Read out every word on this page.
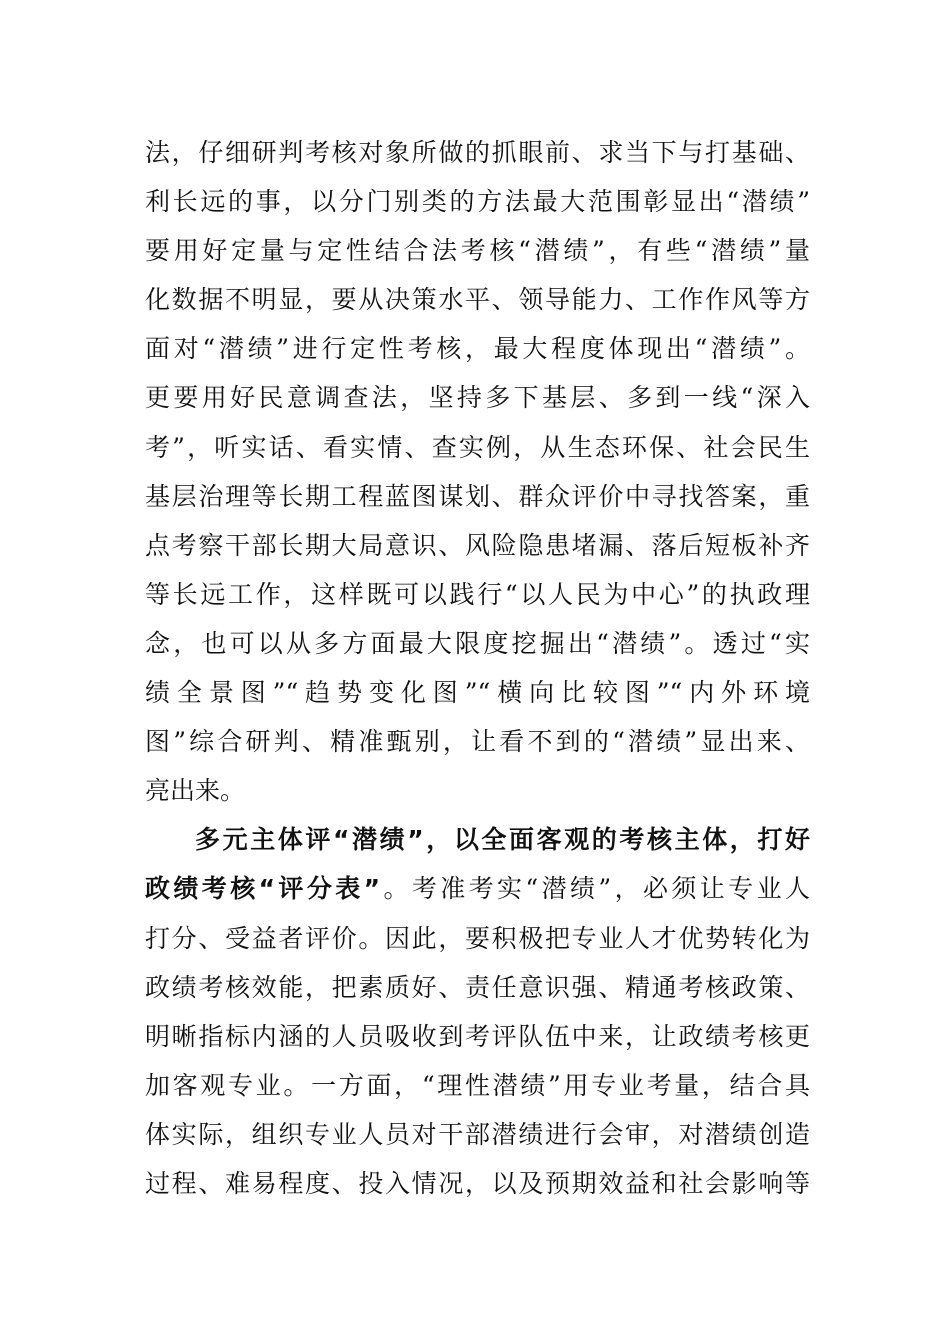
法，仔细研判考核对象所做的抓眼前、求当下与打基础、
利长远的事，以分门别类的方法最大范围彰显出“潜绩”
要用好定量与定性结合法考核“潜绩”，有些“潜绩”量
化数据不明显，要从决策水平、领导能力、工作作风等方
面对“潜绩”进行定性考核，最大程度体现出“潜绩”。
更要用好民意调查法，坚持多下基层、多到一线“深入
考”，听实话、看实情、查实例，从生态环保、社会民生
基层治理等长期工程蓝图谋划、群众评价中寻找答案，重
点考察干部长期大局意识、风险隐患堵漏、落后短板补齐
等长远工作，这样既可以践行“以人民为中心”的执政理
念，也可以从多方面最大限度挖掘出“潜绩”。透过“实
绩全景图”“趋势变化图”“横向比较图”“内外环境
图”综合研判、精准甄别，让看不到的“潜绩”显出来、
亮出来。
多元主体评“潜绩”，以全面客观的考核主体，打好
政绩考核“评分表”。考准考实“潜绩”，必须让专业人
打分、受益者评价。因此，要积极把专业人才优势转化为
政绩考核效能，把素质好、责任意识强、精通考核政策、
明晰指标内涵的人员吸收到考评队伍中来，让政绩考核更
加客观专业。一方面，“理性潜绩”用专业考量，结合具
体实际，组织专业人员对干部潜绩进行会审，对潜绩创造
过程、难易程度、投入情况，以及预期效益和社会影响等
